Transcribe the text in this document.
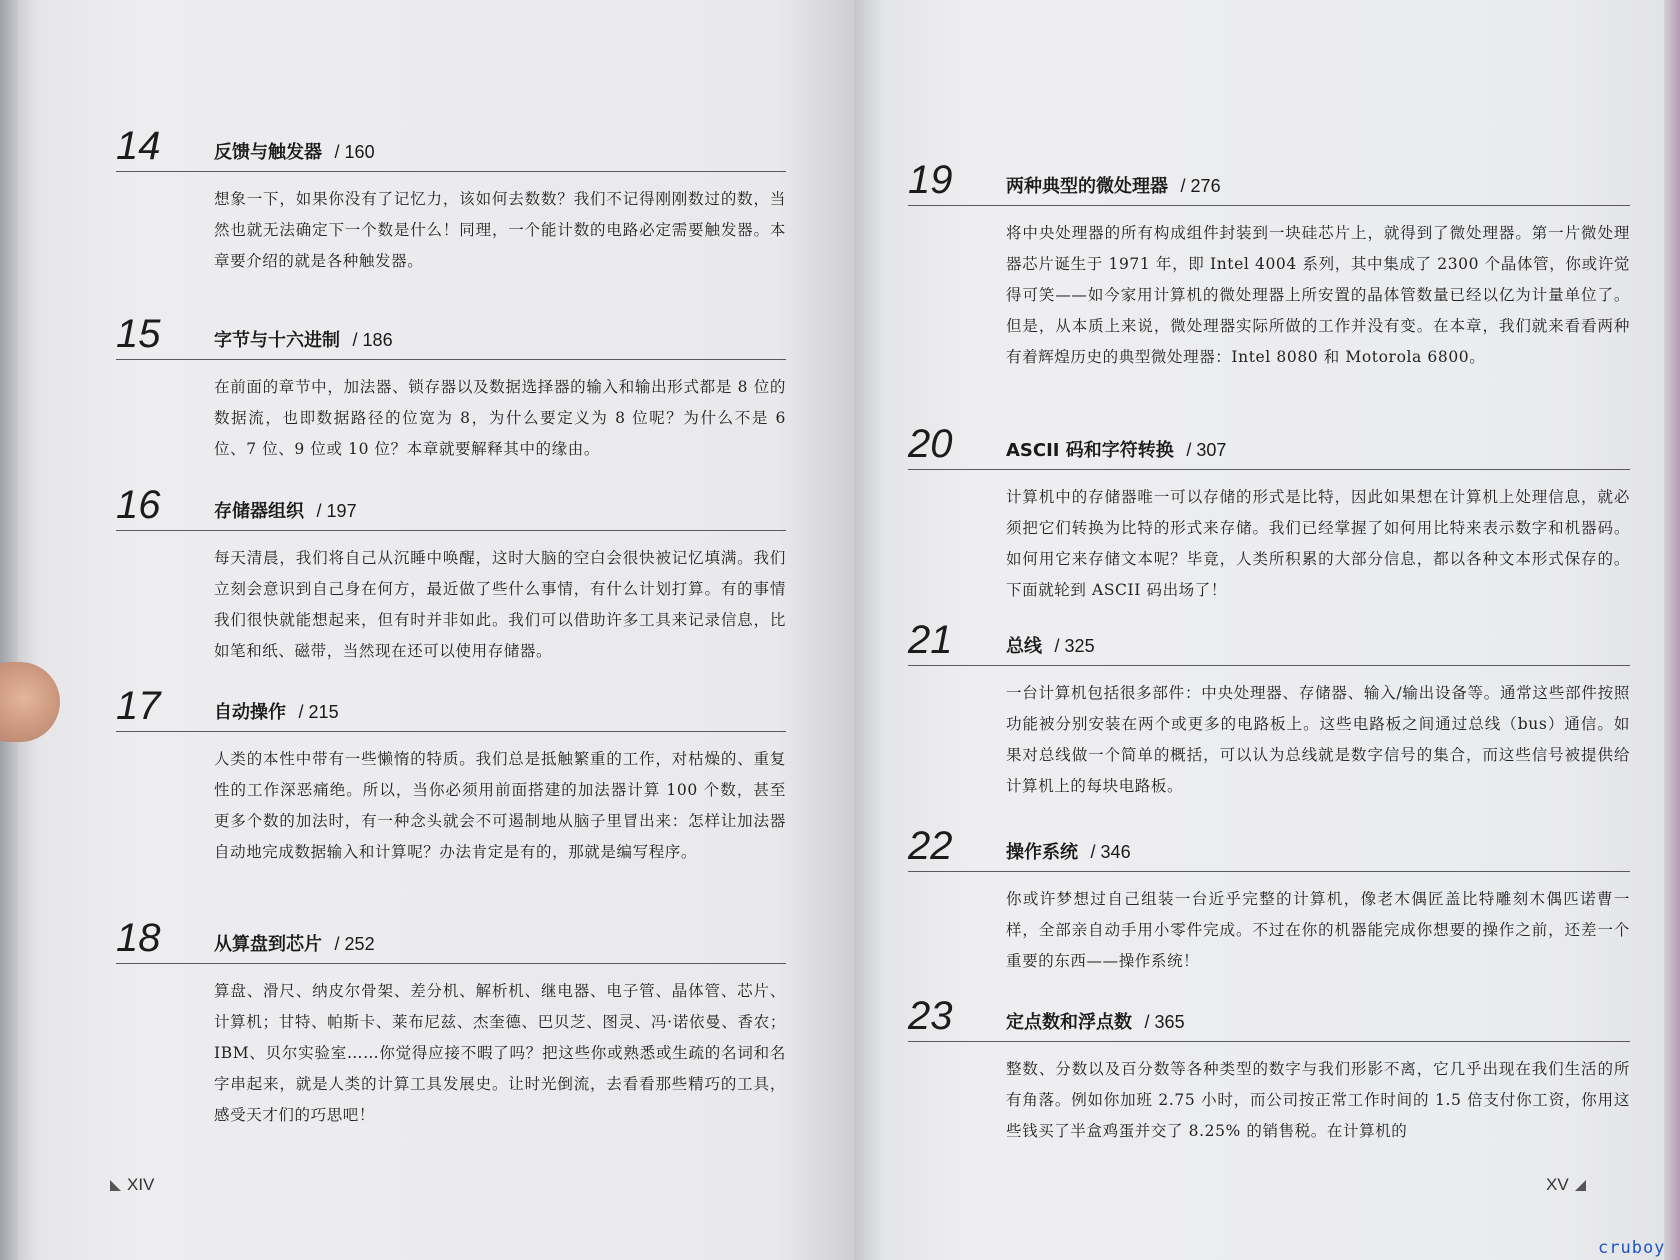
14	反馈与触发器 / 160
想象一下，如果你没有了记忆力，该如何去数数？我们不记得刚刚数过的数，当然也就无法确定下一个数是什么！同理，一个能计数的电路必定需要触发器。本章要介绍的就是各种触发器。
15	字节与十六进制 / 186
在前面的章节中，加法器、锁存器以及数据选择器的输入和输出形式都是 8 位的数据流，也即数据路径的位宽为 8，为什么要定义为 8 位呢？为什么不是 6 位、7 位、9 位或 10 位？本章就要解释其中的缘由。
16	存储器组织 / 197
每天清晨，我们将自己从沉睡中唤醒，这时大脑的空白会很快被记忆填满。我们立刻会意识到自己身在何方，最近做了些什么事情，有什么计划打算。有的事情我们很快就能想起来，但有时并非如此。我们可以借助许多工具来记录信息，比如笔和纸、磁带，当然现在还可以使用存储器。
17	自动操作 / 215
人类的本性中带有一些懒惰的特质。我们总是抵触繁重的工作，对枯燥的、重复性的工作深恶痛绝。所以，当你必须用前面搭建的加法器计算 100 个数，甚至更多个数的加法时，有一种念头就会不可遏制地从脑子里冒出来：怎样让加法器自动地完成数据输入和计算呢？办法肯定是有的，那就是编写程序。
18	从算盘到芯片 / 252
算盘、滑尺、纳皮尔骨架、差分机、解析机、继电器、电子管、晶体管、芯片、计算机；甘特、帕斯卡、莱布尼兹、杰奎德、巴贝芝、图灵、冯·诺依曼、香农；IBM、贝尔实验室……你觉得应接不暇了吗？把这些你或熟悉或生疏的名词和名字串起来，就是人类的计算工具发展史。让时光倒流，去看看那些精巧的工具，感受天才们的巧思吧！
XIV
19	两种典型的微处理器 / 276
将中央处理器的所有构成组件封装到一块硅芯片上，就得到了微处理器。第一片微处理器芯片诞生于 1971 年，即 Intel 4004 系列，其中集成了 2300 个晶体管，你或许觉得可笑——如今家用计算机的微处理器上所安置的晶体管数量已经以亿为计量单位了。但是，从本质上来说，微处理器实际所做的工作并没有变。在本章，我们就来看看两种有着辉煌历史的典型微处理器：Intel 8080 和 Motorola 6800。
20	ASCII 码和字符转换 / 307
计算机中的存储器唯一可以存储的形式是比特，因此如果想在计算机上处理信息，就必须把它们转换为比特的形式来存储。我们已经掌握了如何用比特来表示数字和机器码。如何用它来存储文本呢？毕竟，人类所积累的大部分信息，都以各种文本形式保存的。下面就轮到 ASCII 码出场了！
21	总线 / 325
一台计算机包括很多部件：中央处理器、存储器、输入/输出设备等。通常这些部件按照功能被分别安装在两个或更多的电路板上。这些电路板之间通过总线（bus）通信。如果对总线做一个简单的概括，可以认为总线就是数字信号的集合，而这些信号被提供给计算机上的每块电路板。
22	操作系统 / 346
你或许梦想过自己组装一台近乎完整的计算机，像老木偶匠盖比特雕刻木偶匹诺曹一样，全部亲自动手用小零件完成。不过在你的机器能完成你想要的操作之前，还差一个重要的东西——操作系统！
23	定点数和浮点数 / 365
整数、分数以及百分数等各种类型的数字与我们形影不离，它几乎出现在我们生活的所有角落。例如你加班 2.75 小时，而公司按正常工作时间的 1.5 倍支付你工资，你用这些钱买了半盒鸡蛋并交了 8.25% 的销售税。在计算机的
XV
cruboy
